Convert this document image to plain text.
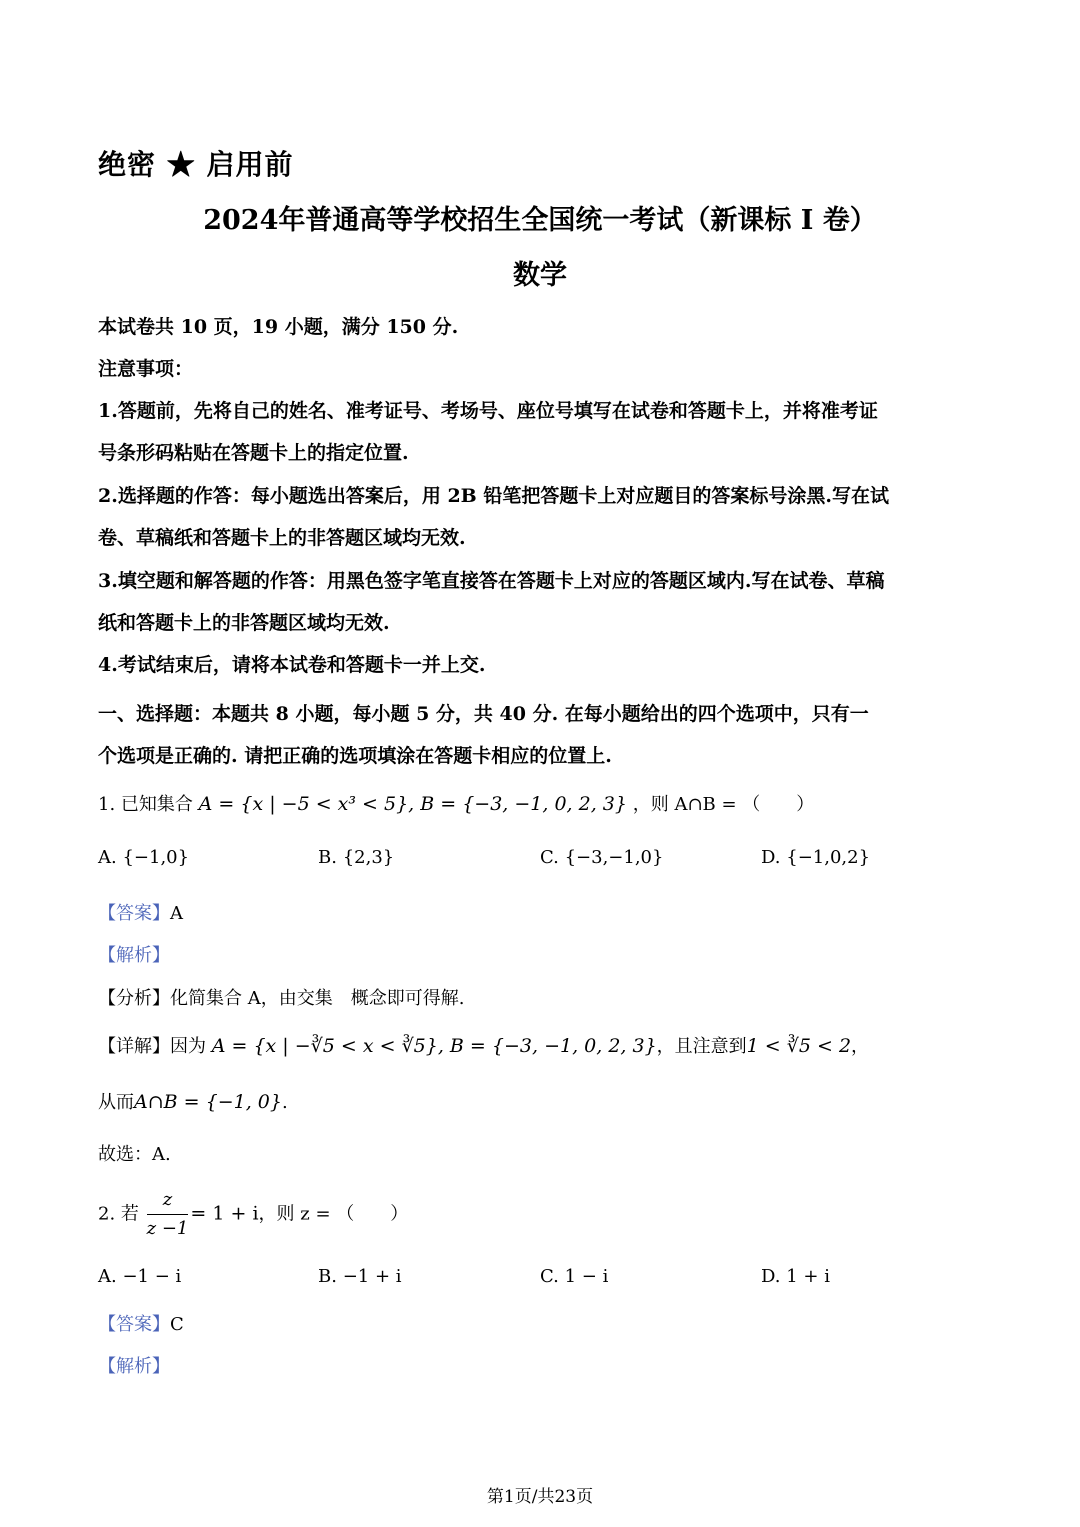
绝密 ★ 启用前
2024年普通高等学校招生全国统一考试（新课标 I 卷）
数学
本试卷共 10 页，19 小题，满分 150 分.
注意事项：
1.答题前，先将自己的姓名、准考证号、考场号、座位号填写在试卷和答题卡上，并将准考证
号条形码粘贴在答题卡上的指定位置.
2.选择题的作答：每小题选出答案后，用 2B 铅笔把答题卡上对应题目的答案标号涂黑.写在试
卷、草稿纸和答题卡上的非答题区域均无效.
3.填空题和解答题的作答：用黑色签字笔直接答在答题卡上对应的答题区域内.写在试卷、草稿
纸和答题卡上的非答题区域均无效.
4.考试结束后，请将本试卷和答题卡一并上交.
一、选择题：本题共 8 小题，每小题 5 分，共 40 分. 在每小题给出的四个选项中，只有一
个选项是正确的. 请把正确的选项填涂在答题卡相应的位置上.
1. 已知集合 A = {x | −5 < x³ < 5}, B = {−3, −1, 0, 2, 3} ，则 A∩B = （　　）
A. {−1,0}	B. {2,3}	C. {−3,−1,0}	D. {−1,0,2}
【答案】A
【解析】
【分析】化简集合 A，由交集　概念即可得解.
【详解】因为 A = {x | −∛5 < x < ∛5}, B = {−3, −1, 0, 2, 3}，且注意到1 < ∛5 < 2，
从而A∩B = {−1, 0}.
故选：A.
2. 若 $\frac{z}{z -1} = 1 + i$，则 z = （　　）
A. −1 − i	B. −1 + i	C. 1 − i	D. 1 + i
【答案】C
【解析】
第1页/共23页
